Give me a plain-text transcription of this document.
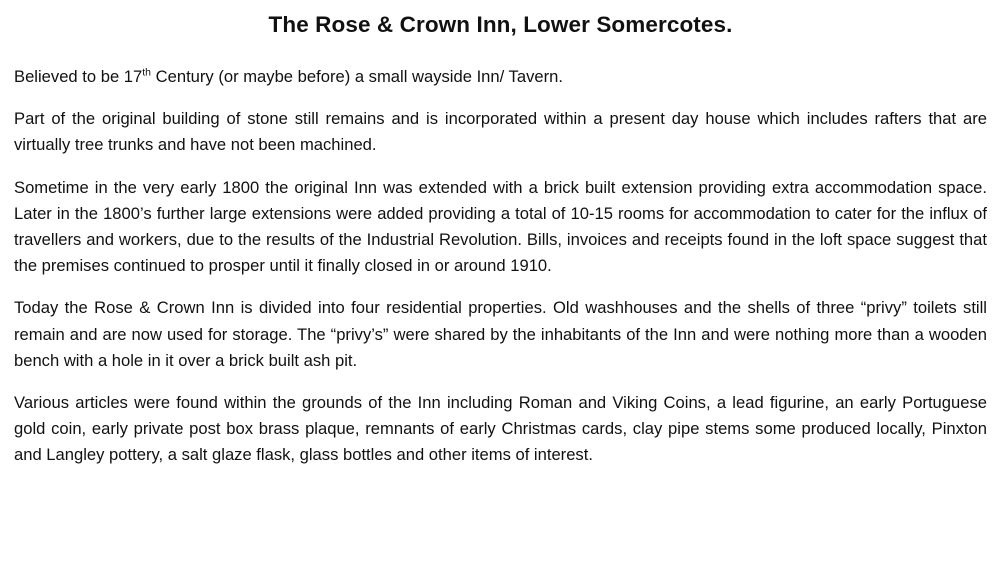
The Rose & Crown Inn, Lower Somercotes.

Believed to be 17th Century (or maybe before) a small wayside Inn/ Tavern.

Part of the original building of stone still remains and is incorporated within a present day house which includes rafters that are virtually tree trunks and have not been machined.

Sometime in the very early 1800 the original Inn was extended with a brick built extension providing extra accommodation space. Later in the 1800’s further large extensions were added providing a total of 10-15 rooms for accommodation to cater for the influx of travellers and workers, due to the results of the Industrial Revolution. Bills, invoices and receipts found in the loft space suggest that the premises continued to prosper until it finally closed in or around 1910.

Today the Rose & Crown Inn is divided into four residential properties. Old washhouses and the shells of three “privy” toilets still remain and are now used for storage. The “privy’s” were shared by the inhabitants of the Inn and were nothing more than a wooden bench with a hole in it over a brick built ash pit.

Various articles were found within the grounds of the Inn including Roman and Viking Coins, a lead figurine, an early Portuguese gold coin, early private post box brass plaque, remnants of early Christmas cards, clay pipe stems some produced locally, Pinxton and Langley pottery, a salt glaze flask, glass bottles and other items of interest.
